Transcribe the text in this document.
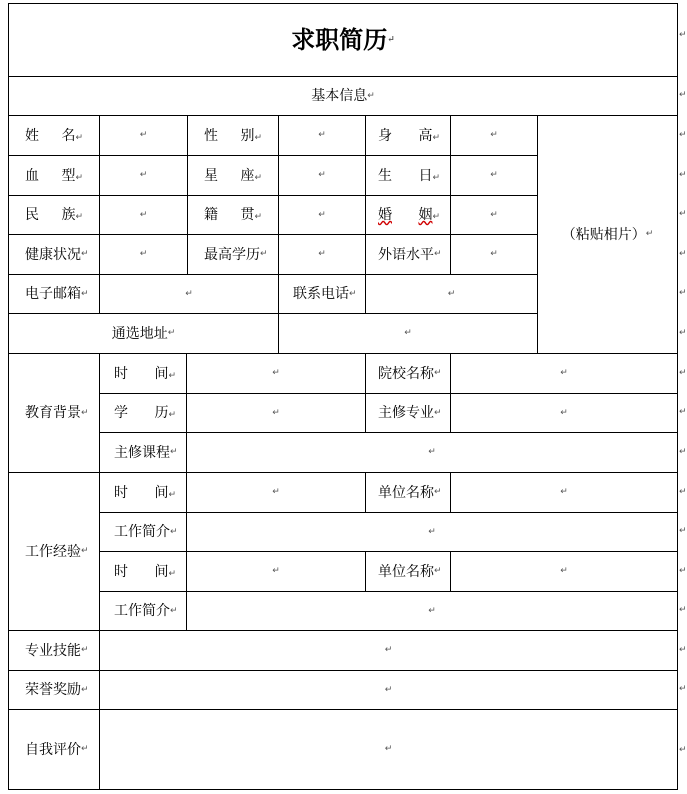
求职简历 ↵
基本信息 ↵
姓 名↵	↵	性 别↵	↵	身 高↵	↵
（粘贴相片） ↵
血 型↵	↵	星 座↵	↵	生 日↵	↵
民 族↵	↵	籍 贯↵	↵	婚 姻↵	↵
健康状况 ↵	↵	最高学历 ↵	↵	外语水平 ↵	↵
电子邮箱 ↵	↵	联系电话 ↵	↵
通选地址 ↵	↵
教育背景 ↵
时 间↵	↵	院校名称 ↵	↵
学 历↵	↵	主修专业 ↵	↵
主修课程 ↵	↵
工作经验 ↵
时 间↵	↵	单位名称 ↵	↵
工作简介 ↵	↵
时 间↵	↵	单位名称 ↵	↵
工作简介 ↵	↵
专业技能 ↵	↵
荣誉奖励 ↵	↵
自我评价 ↵	↵
↵
↵
↵
↵
↵
↵
↵
↵
↵
↵
↵
↵
↵
↵
↵
↵
↵
↵
